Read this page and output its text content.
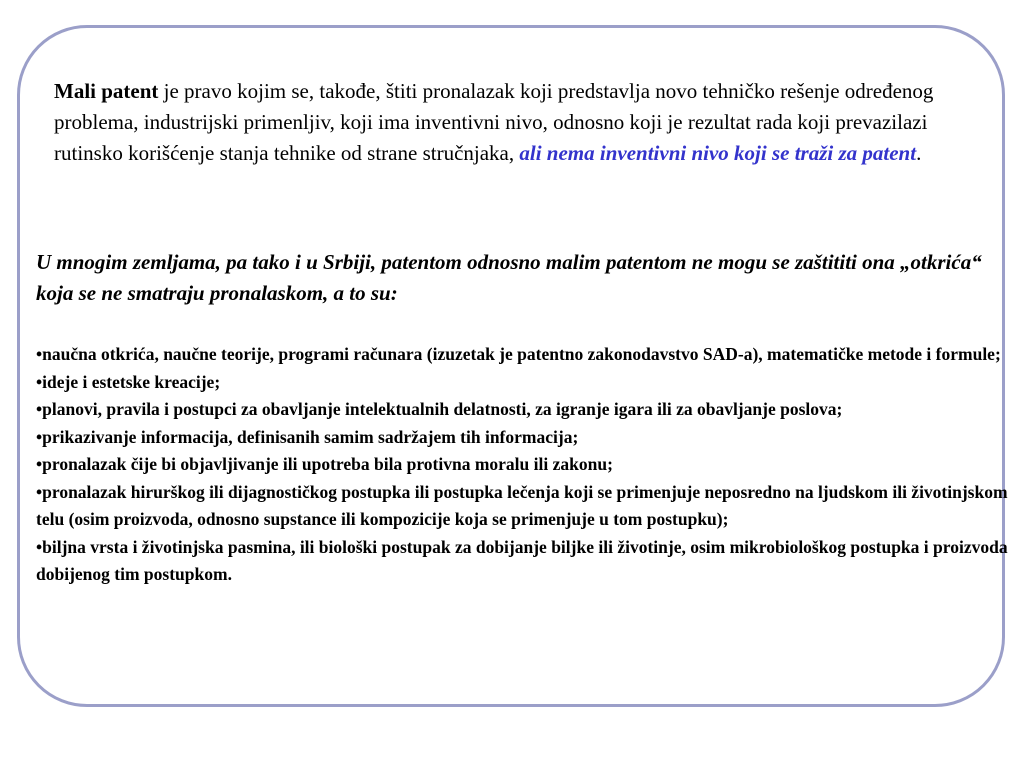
Mali patent je pravo kojim se, takođe, štiti pronalazak koji predstavlja novo tehničko rešenje određenog problema, industrijski primenljiv, koji ima inventivni nivo, odnosno koji je rezultat rada koji prevazilazi rutinsko korišćenje stanja tehnike od strane stručnjaka, ali nema inventivni nivo koji se traži za patent.

U mnogim zemljama, pa tako i u Srbiji, patentom odnosno malim patentom ne mogu se zaštititi ona „otkrića“ koja se ne smatraju pronalaskom, a to su:

•naučna otkrića, naučne teorije, programi računara (izuzetak je patentno zakonodavstvo SAD-a), matematičke metode i formule;
•ideje i estetske kreacije;
•planovi, pravila i postupci za obavljanje intelektualnih delatnosti, za igranje igara ili za obavljanje poslova;
•prikazivanje informacija, definisanih samim sadržajem tih informacija;
•pronalazak čije bi objavljivanje ili upotreba bila protivna moralu ili zakonu;
•pronalazak hirurškog ili dijagnostičkog postupka ili postupka lečenja koji se primenjuje neposredno na ljudskom ili životinjskom telu (osim proizvoda, odnosno supstance ili kompozicije koja se primenjuje u tom postupku);
•biljna vrsta i životinjska pasmina, ili biološki postupak za dobijanje biljke ili životinje, osim mikrobiološkog postupka i proizvoda dobijenog tim postupkom.
